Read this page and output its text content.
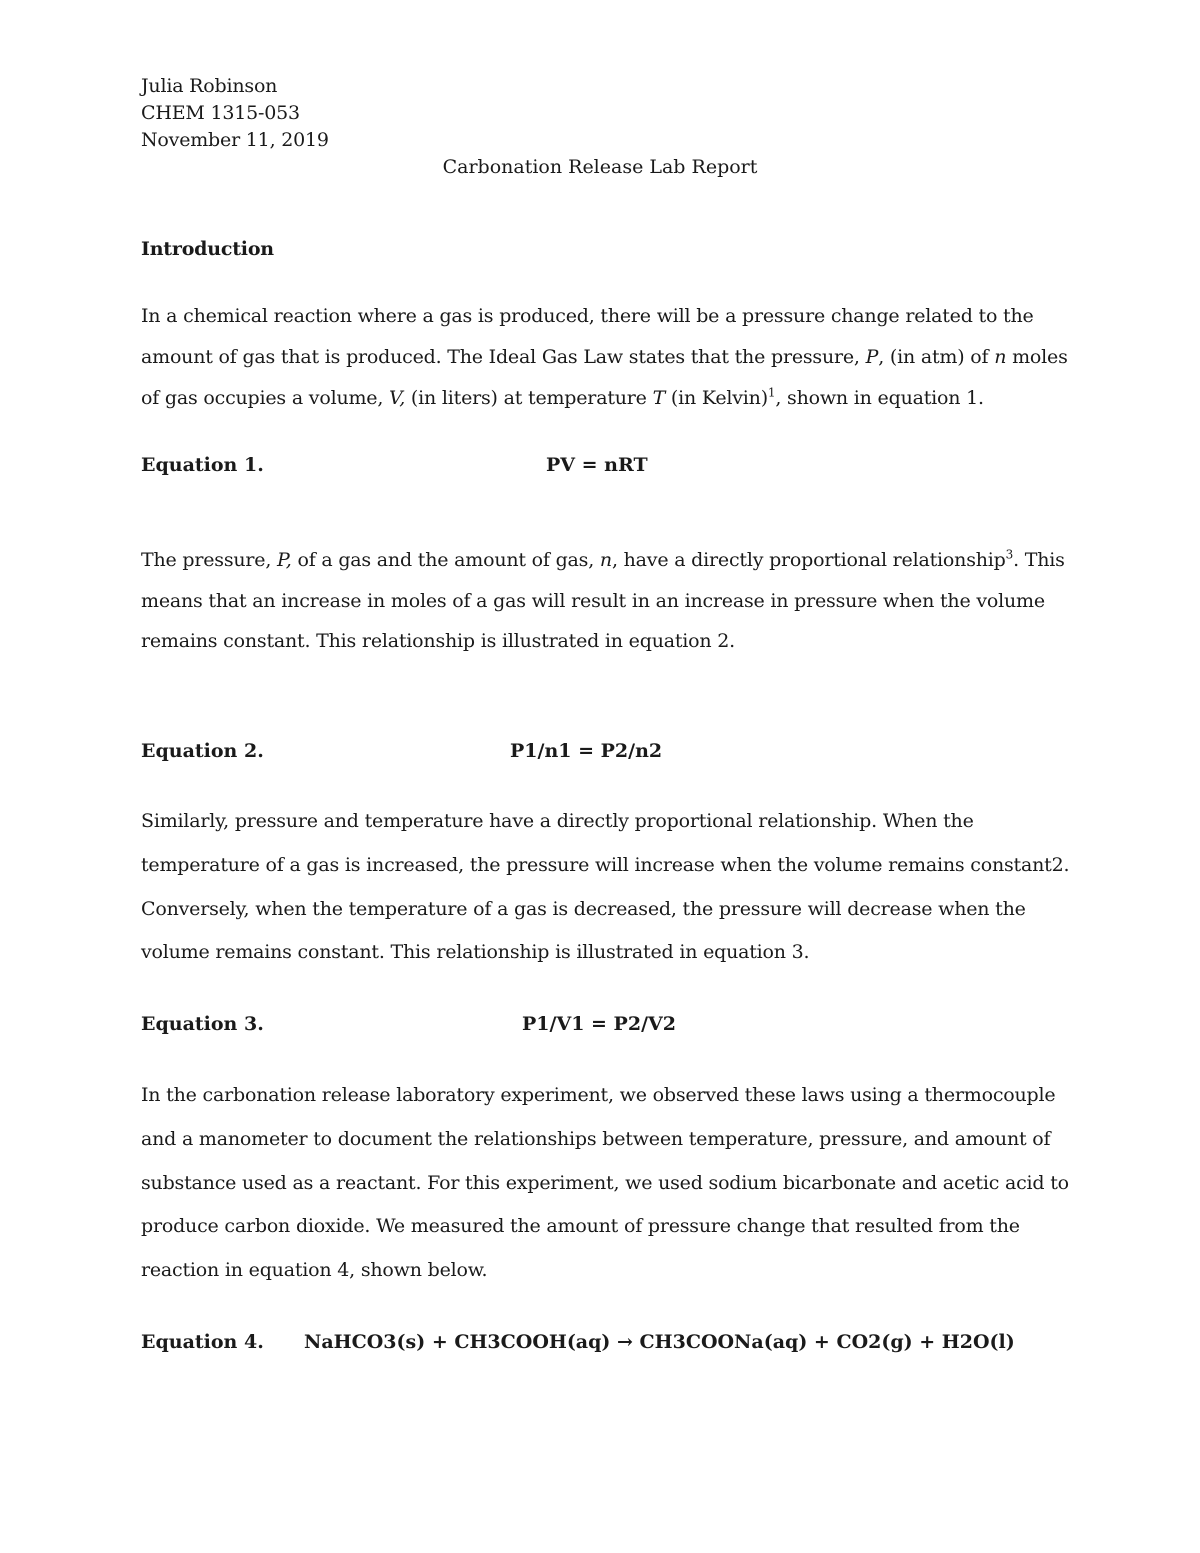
Julia Robinson
CHEM 1315-053
November 11, 2019
Carbonation Release Lab Report
Introduction
In a chemical reaction where a gas is produced, there will be a pressure change related to the
amount of gas that is produced. The Ideal Gas Law states that the pressure, P, (in atm) of n moles
of gas occupies a volume, V, (in liters) at temperature T (in Kelvin)$^1$, shown in equation 1.
Equation 1.	PV = nRT
The pressure, P, of a gas and the amount of gas, n, have a directly proportional relationship$^3$. This
means that an increase in moles of a gas will result in an increase in pressure when the volume
remains constant. This relationship is illustrated in equation 2.
Equation 2.	P1/n1 = P2/n2
Similarly, pressure and temperature have a directly proportional relationship. When the
temperature of a gas is increased, the pressure will increase when the volume remains constant2.
Conversely, when the temperature of a gas is decreased, the pressure will decrease when the
volume remains constant. This relationship is illustrated in equation 3.
Equation 3.	P1/V1 = P2/V2
In the carbonation release laboratory experiment, we observed these laws using a thermocouple
and a manometer to document the relationships between temperature, pressure, and amount of
substance used as a reactant. For this experiment, we used sodium bicarbonate and acetic acid to
produce carbon dioxide. We measured the amount of pressure change that resulted from the
reaction in equation 4, shown below.
Equation 4. NaHCO3(s) + CH3COOH(aq) → CH3COONa(aq) + CO2(g) + H2O(l)
